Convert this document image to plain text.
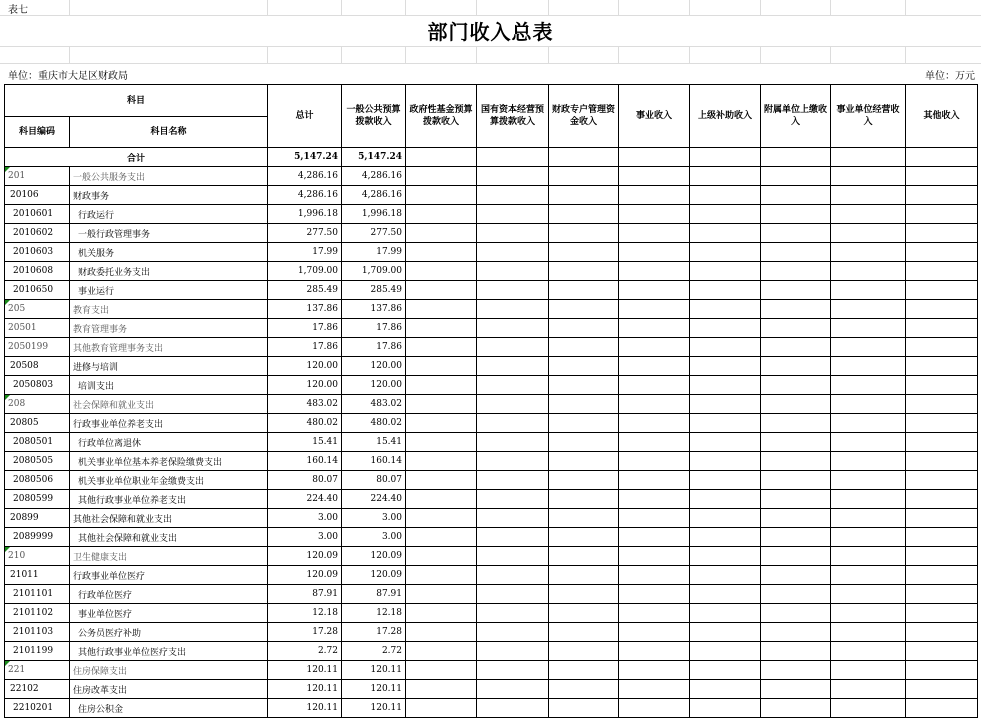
表七
部门收入总表
单位：重庆市大足区财政局	单位：万元
科目		总计	一般公共预算拨款收入	政府性基金预算拨款收入	国有资本经营预算拨款收入	财政专户管理资金收入	事业收入	上级补助收入	附属单位上缴收入	事业单位经营收入	其他收入
科目编码	科目名称										
合计		5,147.24	5,147.24								
201	一般公共服务支出	4,286.16	4,286.16								
20106	财政事务	4,286.16	4,286.16								
2010601	行政运行	1,996.18	1,996.18								
2010602	一般行政管理事务	277.50	277.50								
2010603	机关服务	17.99	17.99								
2010608	财政委托业务支出	1,709.00	1,709.00								
2010650	事业运行	285.49	285.49								
205	教育支出	137.86	137.86								
20501	教育管理事务	17.86	17.86								
2050199	其他教育管理事务支出	17.86	17.86								
20508	进修与培训	120.00	120.00								
2050803	培训支出	120.00	120.00								
208	社会保障和就业支出	483.02	483.02								
20805	行政事业单位养老支出	480.02	480.02								
2080501	行政单位离退休	15.41	15.41								
2080505	机关事业单位基本养老保险缴费支出	160.14	160.14								
2080506	机关事业单位职业年金缴费支出	80.07	80.07								
2080599	其他行政事业单位养老支出	224.40	224.40								
20899	其他社会保障和就业支出	3.00	3.00								
2089999	其他社会保障和就业支出	3.00	3.00								
210	卫生健康支出	120.09	120.09								
21011	行政事业单位医疗	120.09	120.09								
2101101	行政单位医疗	87.91	87.91								
2101102	事业单位医疗	12.18	12.18								
2101103	公务员医疗补助	17.28	17.28								
2101199	其他行政事业单位医疗支出	2.72	2.72								
221	住房保障支出	120.11	120.11								
22102	住房改革支出	120.11	120.11								
2210201	住房公积金	120.11	120.11								
